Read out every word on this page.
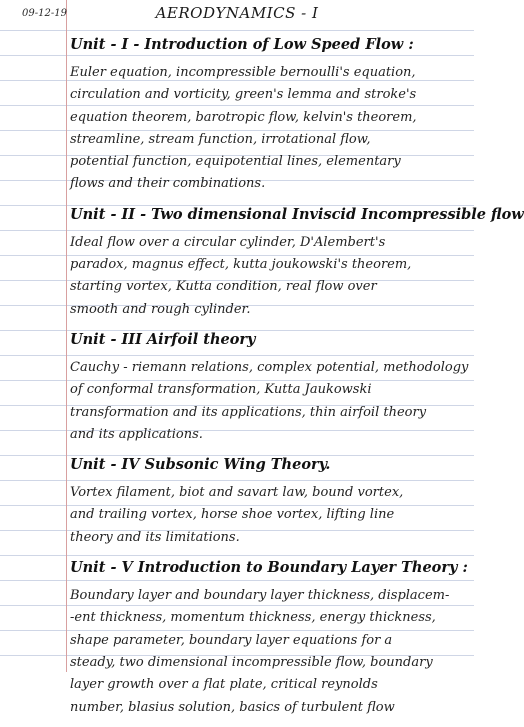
09-12-19	AERODYNAMICS - I
Unit - I - Introduction of Low Speed Flow :
Euler equation, incompressible bernoulli's equation,
circulation and vorticity, green's lemma and stroke's
equation theorem, barotropic flow, kelvin's theorem,
streamline, stream function, irrotational flow,
potential function, equipotential lines, elementary
flows and their combinations.
Unit - II - Two dimensional Inviscid Incompressible flow
Ideal flow over a circular cylinder, D'Alembert's
paradox, magnus effect, kutta joukowski's theorem,
starting vortex, Kutta condition, real flow over
smooth and rough cylinder.
Unit - III Airfoil theory
Cauchy - riemann relations, complex potential, methodology
of conformal transformation, Kutta Jaukowski
transformation and its applications, thin airfoil theory
and its applications.
Unit - IV Subsonic Wing Theory.
Vortex filament, biot and savart law, bound vortex,
and trailing vortex, horse shoe vortex, lifting line
theory and its limitations.
Unit - V Introduction to Boundary Layer Theory :
Boundary layer and boundary layer thickness, displacem-
-ent thickness, momentum thickness, energy thickness,
shape parameter, boundary layer equations for a
steady, two dimensional incompressible flow, boundary
layer growth over a flat plate, critical reynolds
number, blasius solution, basics of turbulent flow
